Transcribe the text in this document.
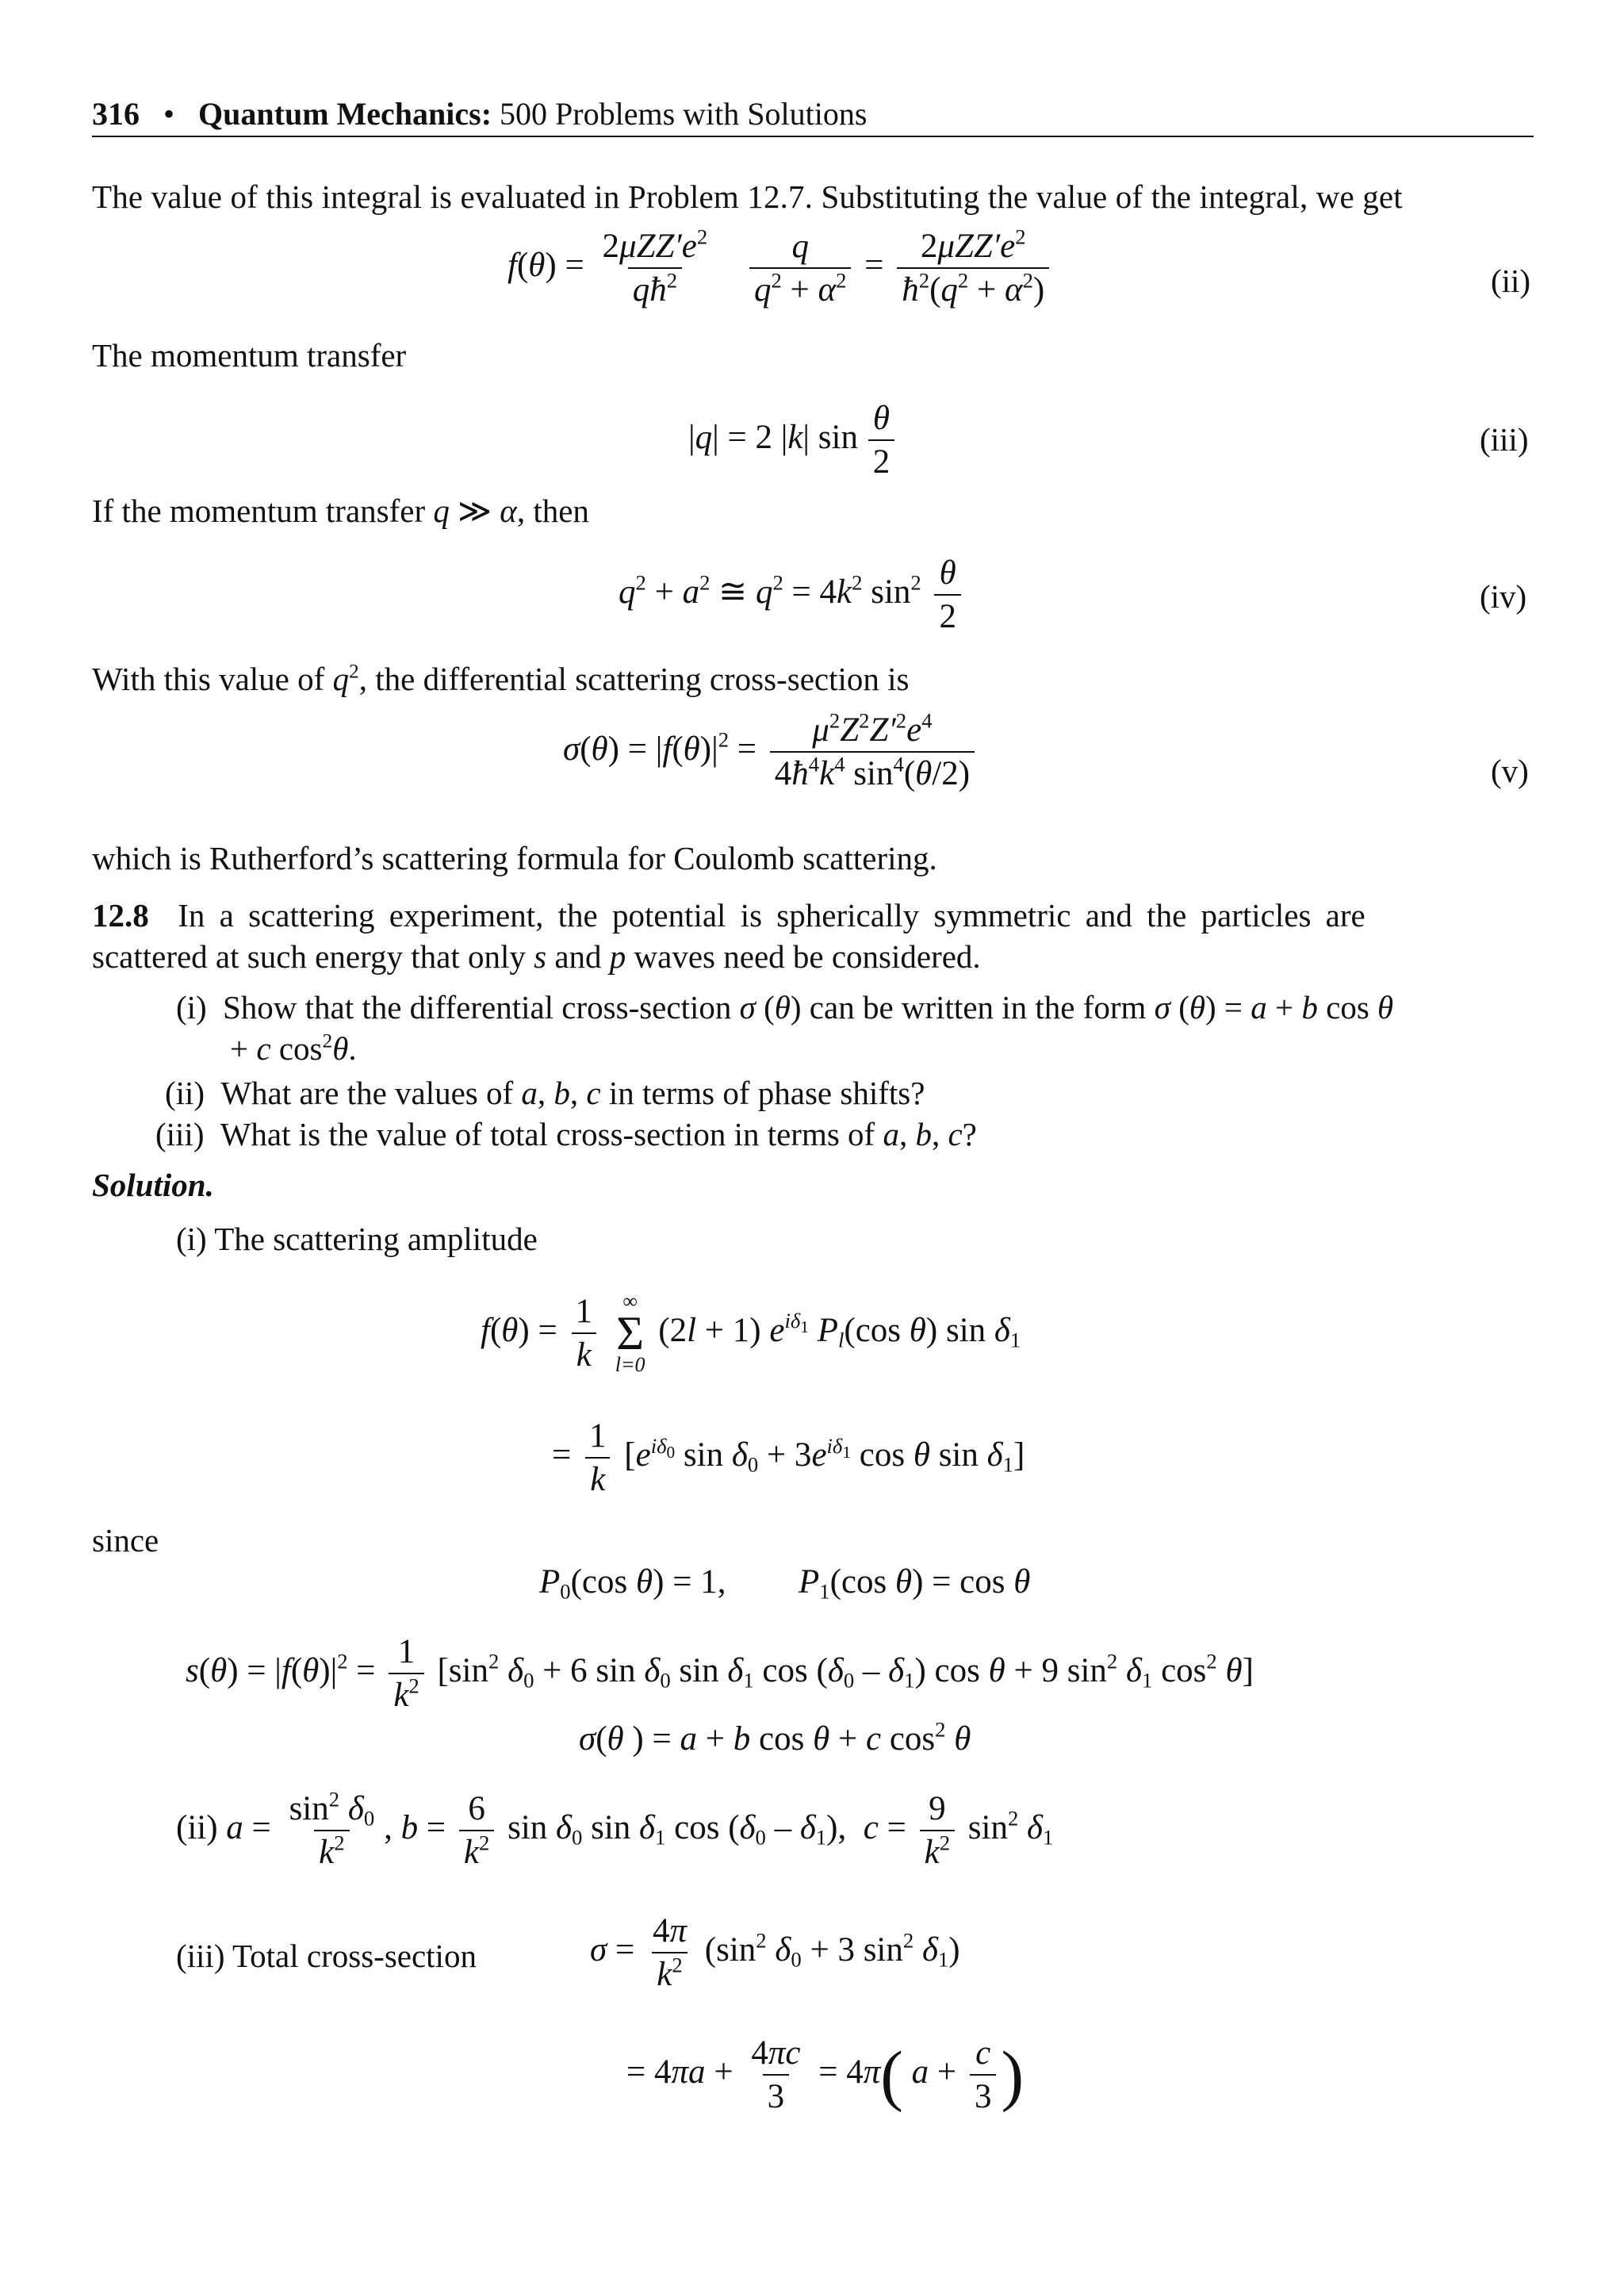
316 • Quantum Mechanics: 500 Problems with Solutions
The value of this integral is evaluated in Problem 12.7. Substituting the value of the integral, we get
$f(\theta) = \frac{2\mu ZZ'e^2}{qħ^2}$
$\frac{q}{q^2 + \alpha^2} = \frac{2\mu ZZ'e^2}{ħ^2(q^2 + \alpha^2)}$	(ii)
The momentum transfer
|q| = 2 |k| $\sin \frac{\theta}{2}$	(iii)
If the momentum transfer q ≫ α, then
$q^2 + a^2$ ≅ $q^2 = 4k^2$ $\sin^2 \frac{\theta}{2}$	(iv)
With this value of $q^2$, the differential scattering cross-section is
$\sigma(\theta) = |f(\theta)|^2 = \frac{\mu^2Z^2Z'^2e^4}{4ħ^4k^4 \sin^4(\theta/2)}$	(v)
which is Rutherford’s scattering formula for Coulomb scattering.
12.8 In a scattering experiment, the potential is spherically symmetric and the particles are
scattered at such energy that only s and p waves need be considered.
(i) Show that the differential cross-section σ (θ) can be written in the form σ (θ) = a + b cos θ
+ c $\cos^2\theta$.
(ii) What are the values of a, b, c in terms of phase shifts?
(iii) What is the value of total cross-section in terms of a, b, c?
Solution.
(i) The scattering amplitude
$f(\theta) = \frac{1}{k}$
∞
Σ
l=0
(2l + 1) $e^{i\delta_1}$ $P_l(\cos$ θ) $\sin \delta_1$
= $\frac{1}{k} [e^{i\delta_0}$ $\sin \delta_0 + 3e^{i\delta_1}$ cos θ $\sin \delta_1$]
since
$P_0(\cos$ θ) = 1,  $P_1(\cos$ θ) = cos θ
$s(\theta) = |f(\theta)|^2 = \frac{1}{k^2} [\sin^2$ $\delta_0 + 6$ $\sin \delta_0$ $\sin \delta_1$ $\cos (\delta_0 - \delta_1)$ cos θ + 9 $\sin^2 \delta_1$ $\cos^2 \theta$]
σ(θ ) = a + b cos θ + c $\cos^2 \theta$
(ii) $a = \frac{\sin^2 \delta_0}{k^2}$ , $b = \frac{6}{k^2}$ $\sin \delta_0$ $\sin \delta_1$ $\cos (\delta_0 - \delta_1)$,  $c = \frac{9}{k^2} \sin^2 \delta_1$
(iii) Total cross-section	$\sigma = \frac{4\pi}{k^2} (\sin^2$ $\delta_0 + 3$ $\sin^2 \delta_1$)
= $4\pi a + \frac{4\pi c}{3} = 4\pi$( $a + \frac{c}{3}$ )
